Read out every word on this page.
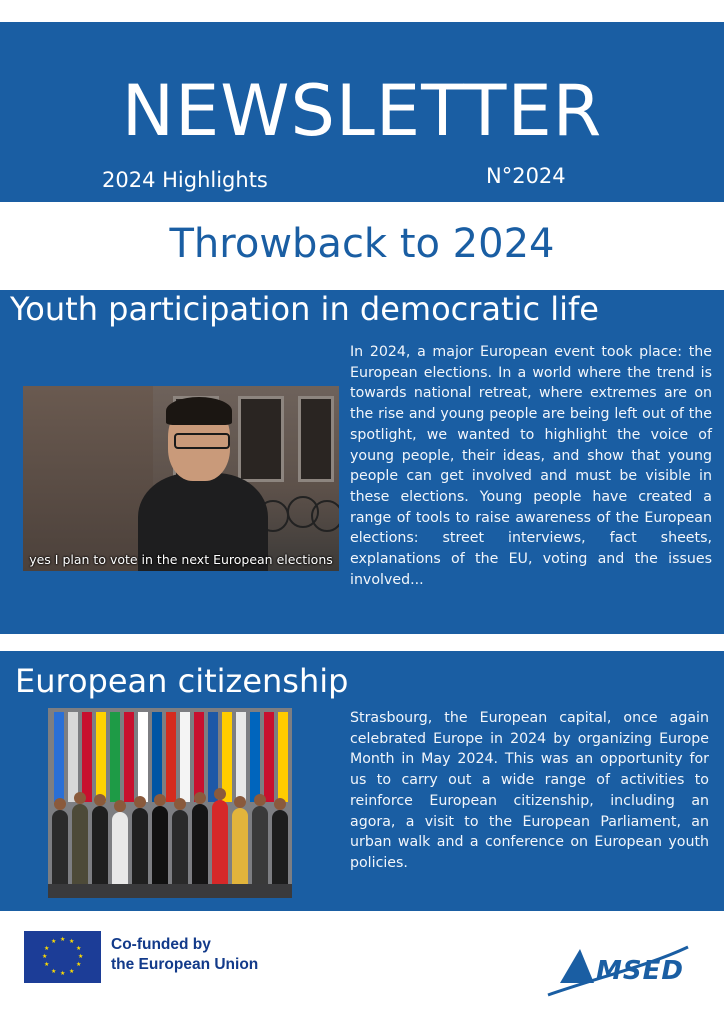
NEWSLETTER
2024 Highlights	N°2024
Throwback to 2024
Youth participation in democratic life
yes I plan to vote in the next European elections
In 2024, a major European event took place: the European elections. In a world where the trend is towards national retreat, where extremes are on the rise and young people are being left out of the spotlight, we wanted to highlight the voice of young people, their ideas, and show that young people can get involved and must be visible in these elections. Young people have created a range of tools to raise awareness of the European elections: street interviews, fact sheets, explanations of the EU, voting and the issues involved...
European citizenship
Strasbourg, the European capital, once again celebrated Europe in 2024 by organizing Europe Month in May 2024. This was an opportunity for us to carry out a wide range of activities to reinforce European citizenship, including an agora, a visit to the European Parliament, an urban walk and a conference on European youth policies.
★ ★
★
★
★
★
★
★
★
★
★
★	Co-funded by
the European Union	MSED
